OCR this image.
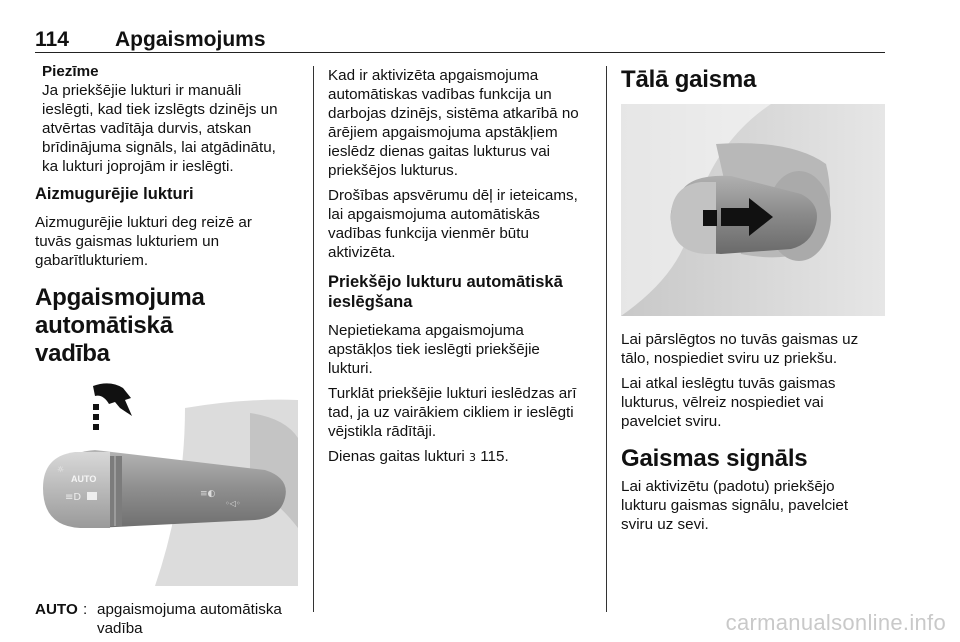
114 Apgaismojums
Piezīme
Ja priekšējie lukturi ir manuāli
ieslēgti, kad tiek izslēgts dzinējs un
atvērtas vadītāja durvis, atskan
brīdinājuma signāls, lai atgādinātu,
ka lukturi joprojām ir ieslēgti.
Aizmugurējie lukturi

Aizmugurējie lukturi deg reizē ar
tuvās gaismas lukturiem un
gabarītlukturiem.

Apgaismojuma automātiskā
vadība
AUTO
☼
≡D	≡◐
◦◁◦
AUTO : apgaismojuma automātiska
vadība

Kad ir aktivizēta apgaismojuma
automātiskas vadības funkcija un
darbojas dzinējs, sistēma atkarībā no
ārējiem apgaismojuma apstākļiem
ieslēdz dienas gaitas lukturus vai
priekšējos lukturus.

Drošības apsvērumu dēļ ir ieteicams,
lai apgaismojuma automātiskās
vadības funkcija vienmēr būtu
aktivizēta.

Priekšējo lukturu automātiskā
ieslēgšana

Nepietiekama apgaismojuma
apstākļos tiek ieslēgti priekšējie
lukturi.

Turklāt priekšējie lukturi ieslēdzas arī
tad, ja uz vairākiem cikliem ir ieslēgti
vējstikla rādītāji.

Dienas gaitas lukturi 3 115.

Tālā gaisma

Lai pārslēgtos no tuvās gaismas uz
tālo, nospiediet sviru uz priekšu.

Lai atkal ieslēgtu tuvās gaismas
lukturus, vēlreiz nospiediet vai
pavelciet sviru.

Gaismas signāls

Lai aktivizētu (padotu) priekšējo
lukturu gaismas signālu, pavelciet
sviru uz sevi.

carmanualsonline.info
